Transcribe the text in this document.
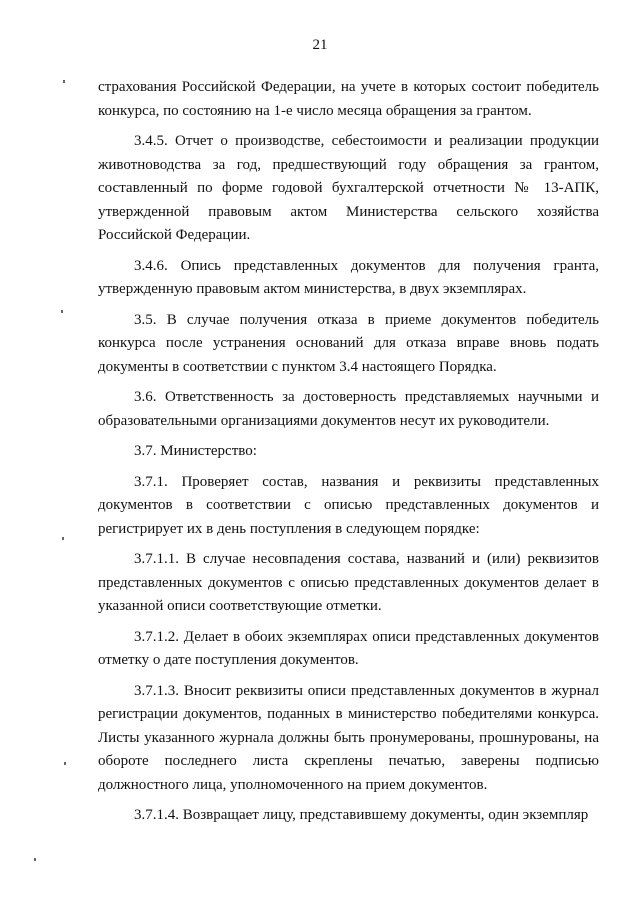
21

страхования Российской Федерации, на учете в которых состоит победитель конкурса, по состоянию на 1-е число месяца обращения за грантом.

3.4.5. Отчет о производстве, себестоимости и реализации продукции животноводства за год, предшествующий году обращения за грантом, составленный по форме годовой бухгалтерской отчетности № 13-АПК, утвержденной правовым актом Министерства сельского хозяйства Российской Федерации.

3.4.6. Опись представленных документов для получения гранта, утвержденную правовым актом министерства, в двух экземплярах.

3.5. В случае получения отказа в приеме документов победитель конкурса после устранения оснований для отказа вправе вновь подать документы в соответствии с пунктом 3.4 настоящего Порядка.

3.6. Ответственность за достоверность представляемых научными и образовательными организациями документов несут их руководители.

3.7. Министерство:

3.7.1. Проверяет состав, названия и реквизиты представленных документов в соответствии с описью представленных документов и регистрирует их в день поступления в следующем порядке:

3.7.1.1. В случае несовпадения состава, названий и (или) реквизитов представленных документов с описью представленных документов делает в указанной описи соответствующие отметки.

3.7.1.2. Делает в обоих экземплярах описи представленных документов отметку о дате поступления документов.

3.7.1.3. Вносит реквизиты описи представленных документов в журнал регистрации документов, поданных в министерство победителями конкурса. Листы указанного журнала должны быть пронумерованы, прошнурованы, на обороте последнего листа скреплены печатью, заверены подписью должностного лица, уполномоченного на прием документов.

3.7.1.4. Возвращает лицу, представившему документы, один экземпляр
